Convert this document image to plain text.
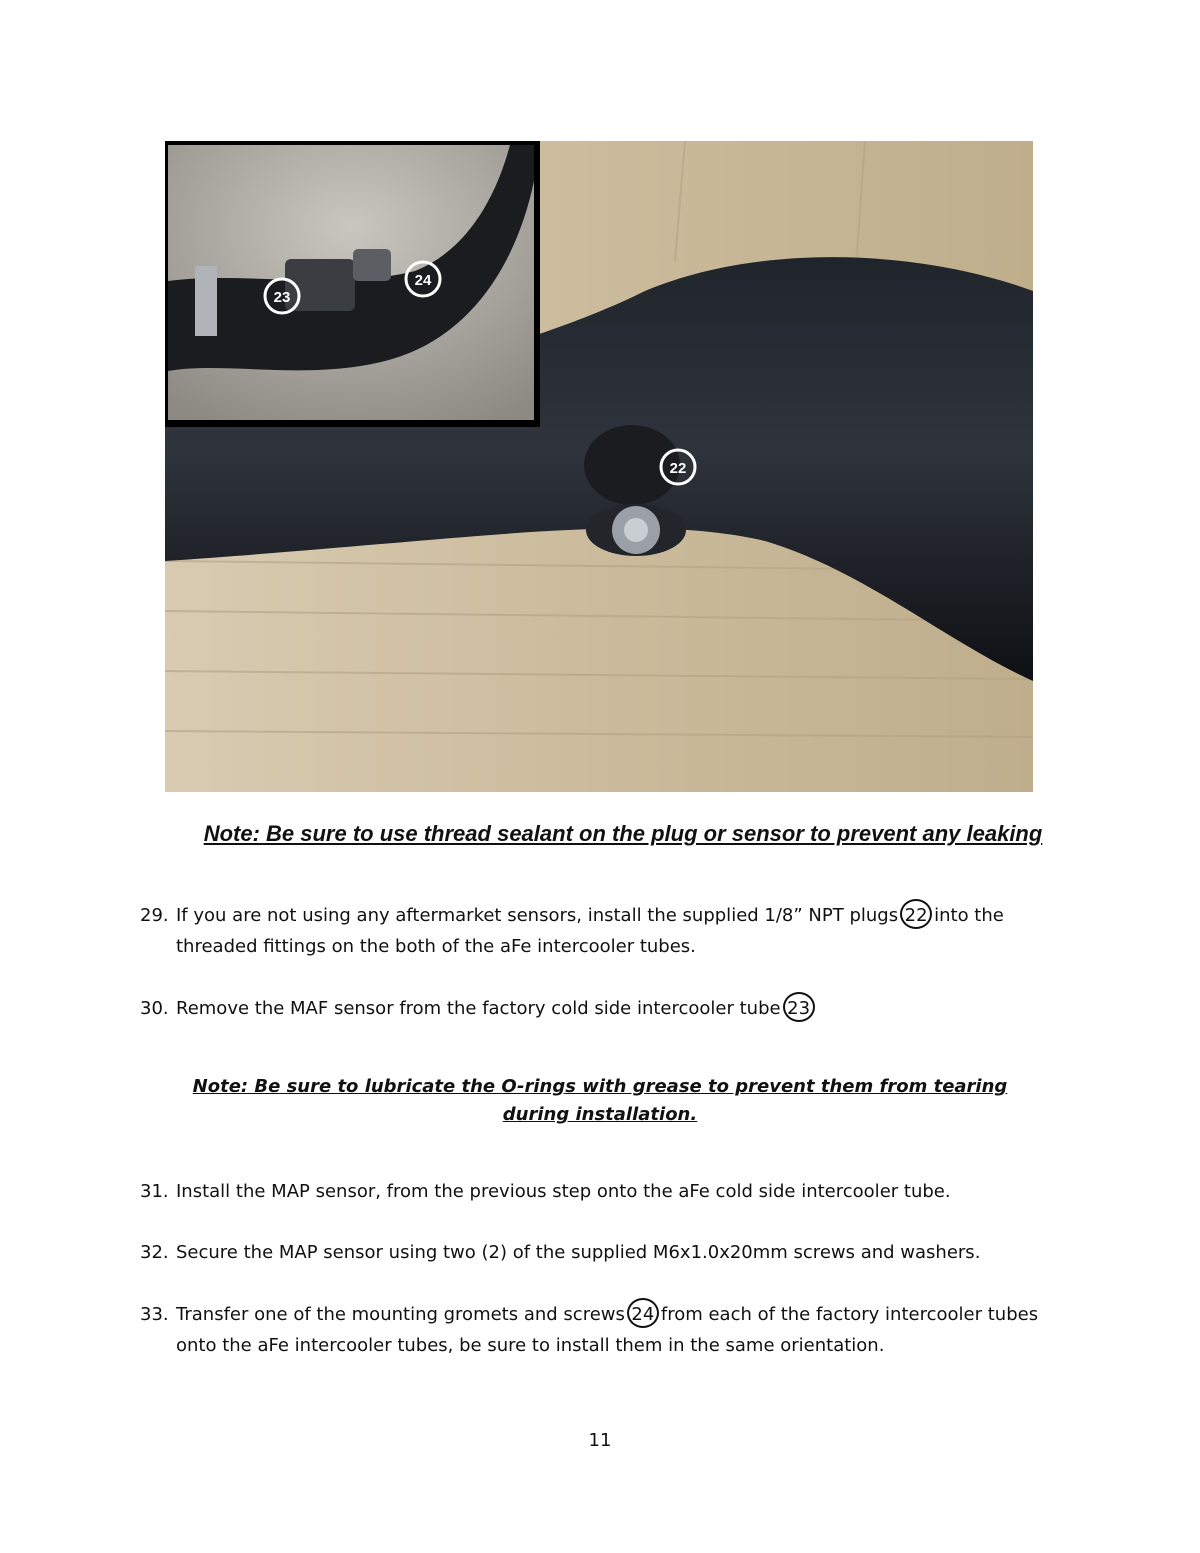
22
23
24
Note: Be sure to use thread sealant on the plug or sensor to prevent any leaking
29. If you are not using any aftermarket sensors, install the supplied 1/8” NPT plugs 22 into the threaded fittings on the both of the aFe intercooler tubes.
30. Remove the MAF sensor from the factory cold side intercooler tube 23
Note: Be sure to lubricate the O-rings with grease to prevent them from tearing during installation.
31. Install the MAP sensor, from the previous step onto the aFe cold side intercooler tube.
32. Secure the MAP sensor using two (2) of the supplied M6x1.0x20mm screws and washers.
33. Transfer one of the mounting gromets and screws 24 from each of the factory intercooler tubes onto the aFe intercooler tubes, be sure to install them in the same orientation.
11
